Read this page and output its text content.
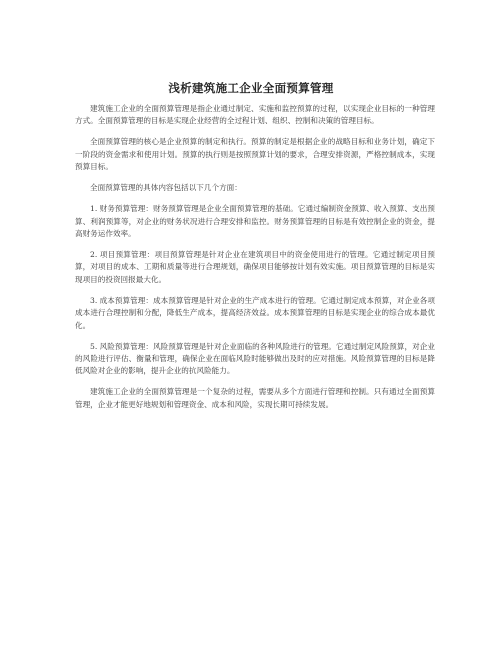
浅析建筑施工企业全面预算管理

建筑施工企业的全面预算管理是指企业通过制定、实施和监控预算的过程，以实现企业目标的一种管理方式。全面预算管理的目标是实现企业经营的全过程计划、组织、控制和决策的管理目标。

全面预算管理的核心是企业预算的制定和执行。预算的制定是根据企业的战略目标和业务计划，确定下一阶段的资金需求和使用计划。预算的执行则是按照预算计划的要求，合理安排资源，严格控制成本，实现预算目标。

全面预算管理的具体内容包括以下几个方面：

1. 财务预算管理：财务预算管理是企业全面预算管理的基础。它通过编制资金预算、收入预算、支出预算、利润预算等，对企业的财务状况进行合理安排和监控。财务预算管理的目标是有效控制企业的资金，提高财务运作效率。

2. 项目预算管理：项目预算管理是针对企业在建筑项目中的资金使用进行的管理。它通过制定项目预算，对项目的成本、工期和质量等进行合理规划，确保项目能够按计划有效实施。项目预算管理的目标是实现项目的投资回报最大化。

3. 成本预算管理：成本预算管理是针对企业的生产成本进行的管理。它通过制定成本预算，对企业各项成本进行合理控制和分配，降低生产成本，提高经济效益。成本预算管理的目标是实现企业的综合成本最优化。

5. 风险预算管理：风险预算管理是针对企业面临的各种风险进行的管理。它通过制定风险预算，对企业的风险进行评估、衡量和管理，确保企业在面临风险时能够做出及时的应对措施。风险预算管理的目标是降低风险对企业的影响，提升企业的抗风险能力。

建筑施工企业的全面预算管理是一个复杂的过程，需要从多个方面进行管理和控制。只有通过全面预算管理，企业才能更好地规划和管理资金、成本和风险，实现长期可持续发展。
